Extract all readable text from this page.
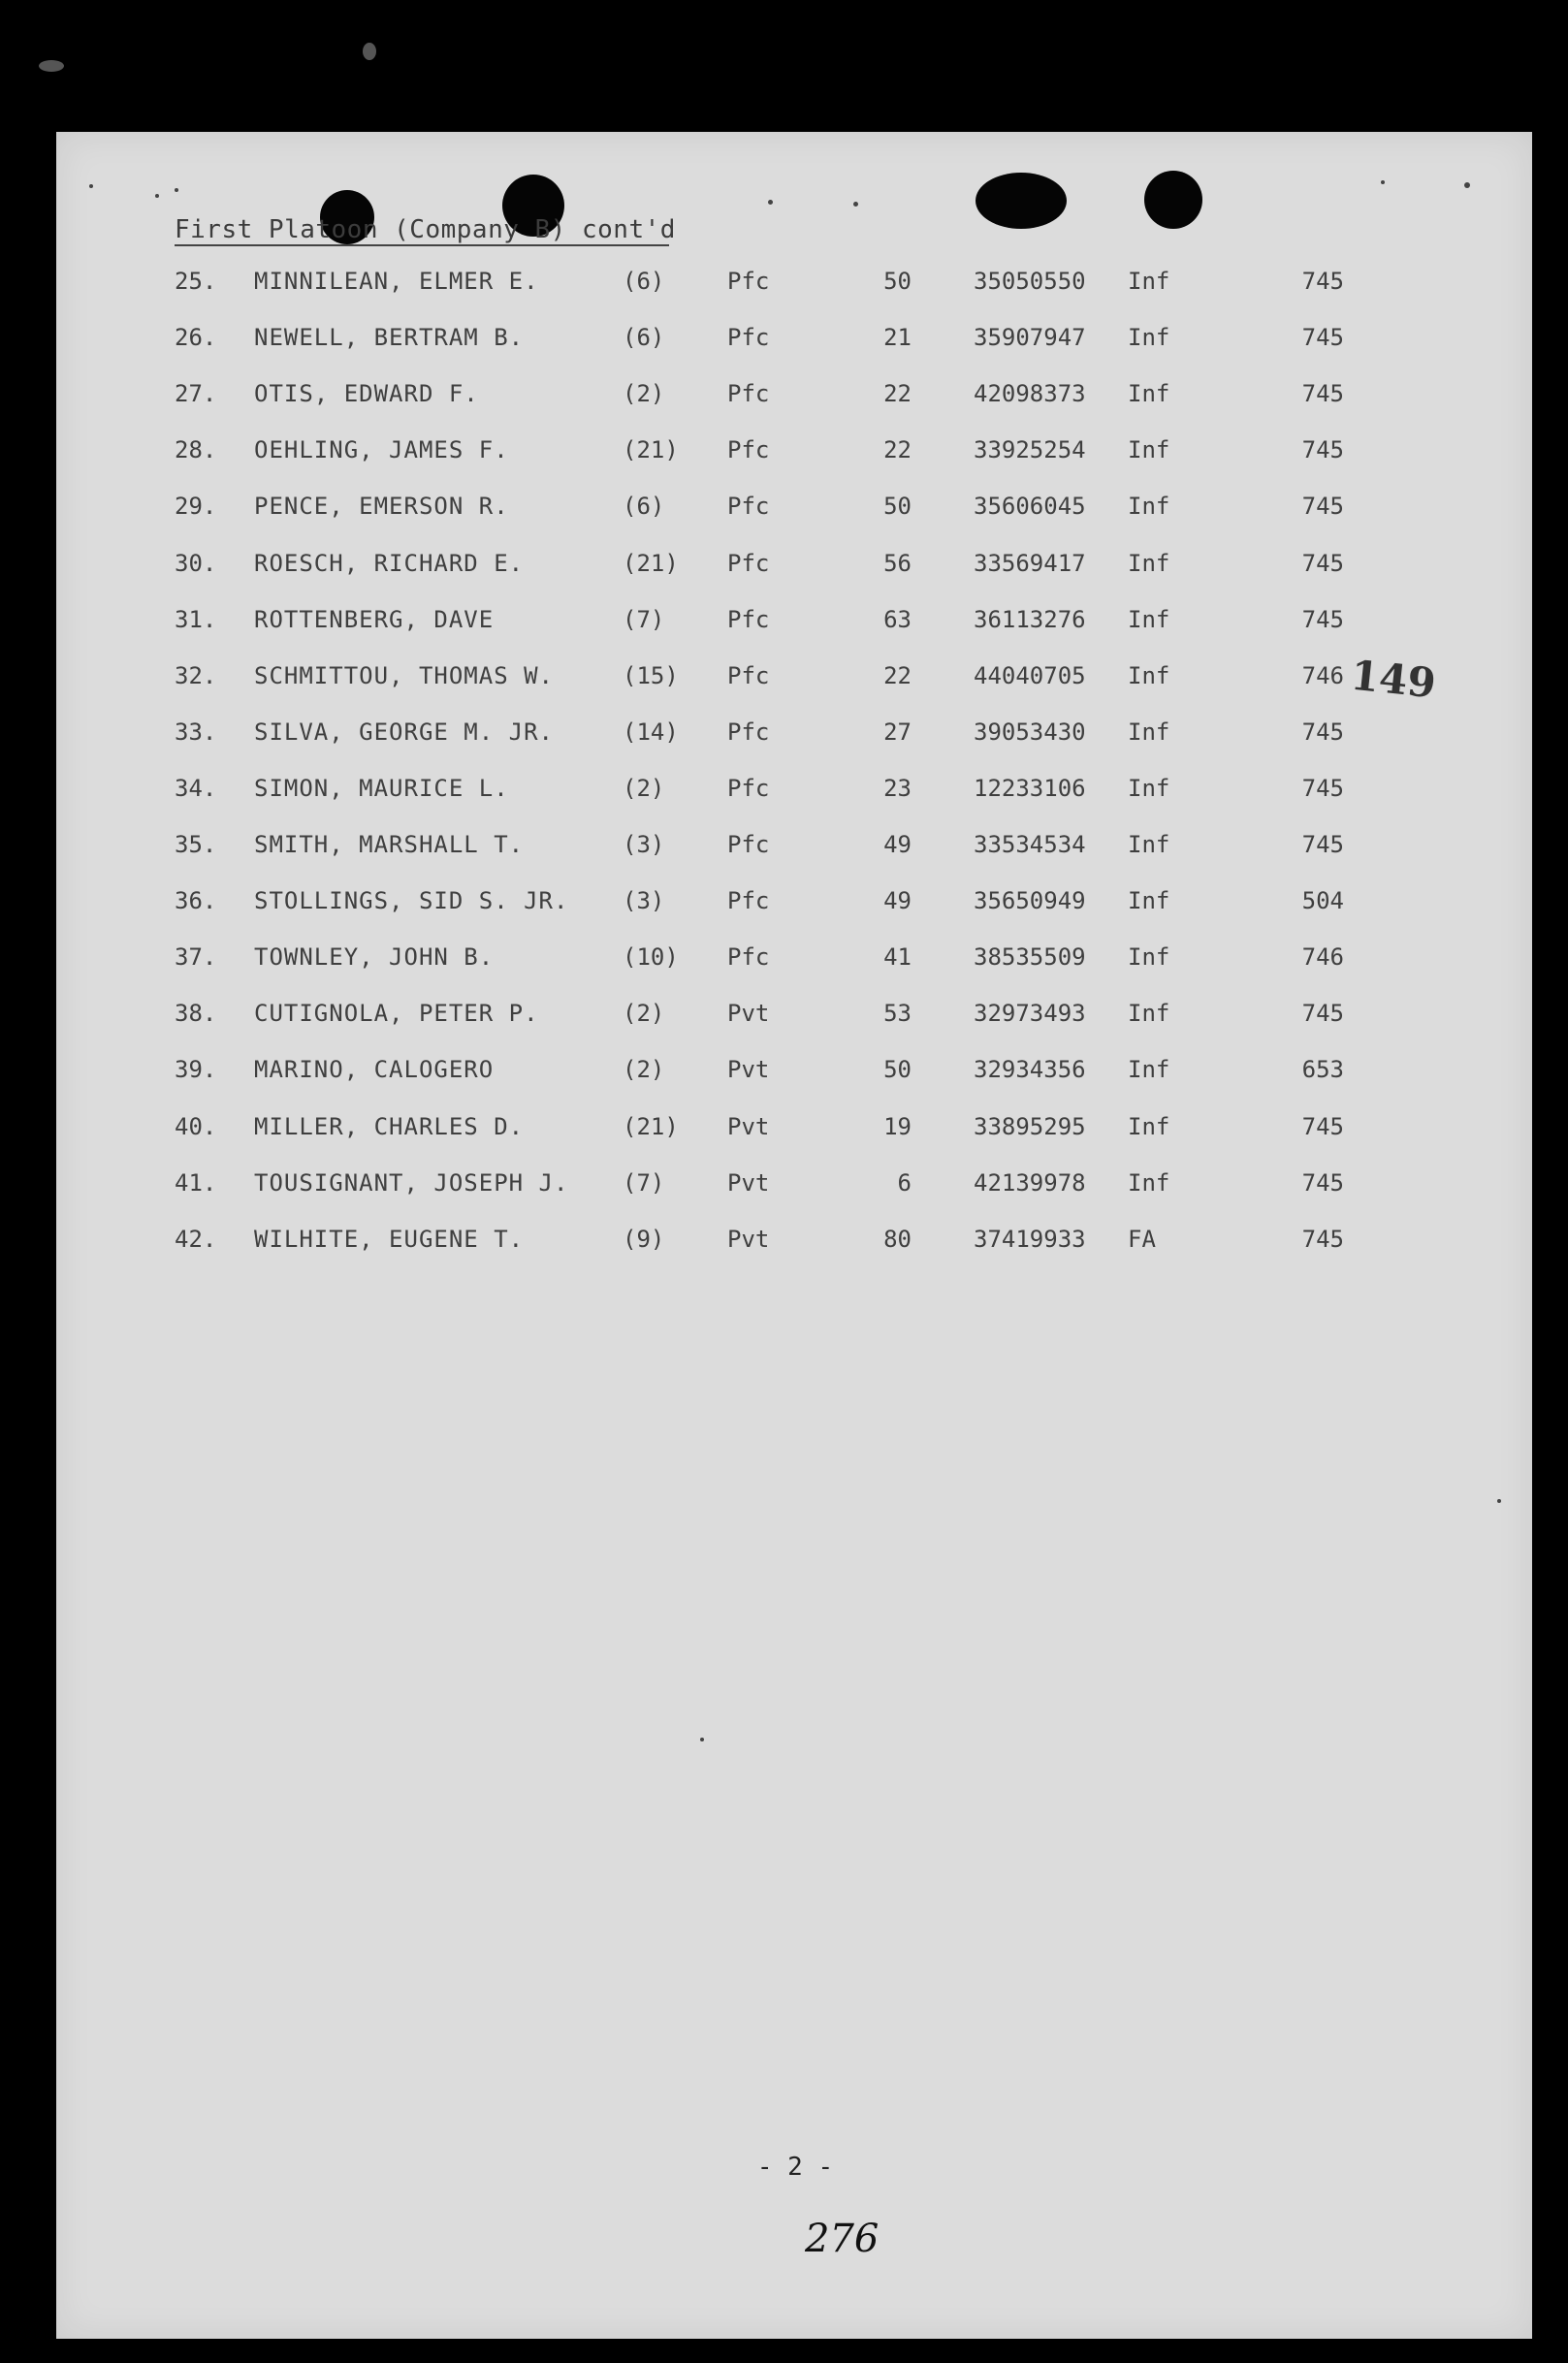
First Platoon (Company B) cont'd
25. MINNILEAN, ELMER E.	(6)	Pfc	50	35050550 Inf	745
26. NEWELL, BERTRAM B.	(6)	Pfc	21	35907947 Inf	745
27. OTIS, EDWARD F.	(2)	Pfc	22	42098373 Inf	745
28. OEHLING, JAMES F.	(21) Pfc	22	33925254 Inf	745
29. PENCE, EMERSON R.	(6)	Pfc	50	35606045 Inf	745
30. ROESCH, RICHARD E.	(21) Pfc	56	33569417 Inf	745
31. ROTTENBERG, DAVE	(7)	Pfc	63	36113276 Inf	745
32. SCHMITTOU, THOMAS W.	(15) Pfc	22	44040705 Inf	746
33. SILVA, GEORGE M. JR.	(14) Pfc	27	39053430 Inf	745
34. SIMON, MAURICE L.	(2)	Pfc	23	12233106 Inf	745
35. SMITH, MARSHALL T.	(3)	Pfc	49	33534534 Inf	745
36. STOLLINGS, SID S. JR. (3)	Pfc	49	35650949 Inf	504
37. TOWNLEY, JOHN B.	(10) Pfc	41	38535509 Inf	746
38. CUTIGNOLA, PETER P.	(2)	Pvt	53	32973493 Inf	745
39. MARINO, CALOGERO	(2)	Pvt	50	32934356 Inf	653
40. MILLER, CHARLES D.	(21) Pvt	19	33895295 Inf	745
41. TOUSIGNANT, JOSEPH J. (7)	Pvt	6	42139978 Inf	745
42. WILHITE, EUGENE T.	(9)	Pvt	80	37419933 FA	745
149
- 2 -
276
